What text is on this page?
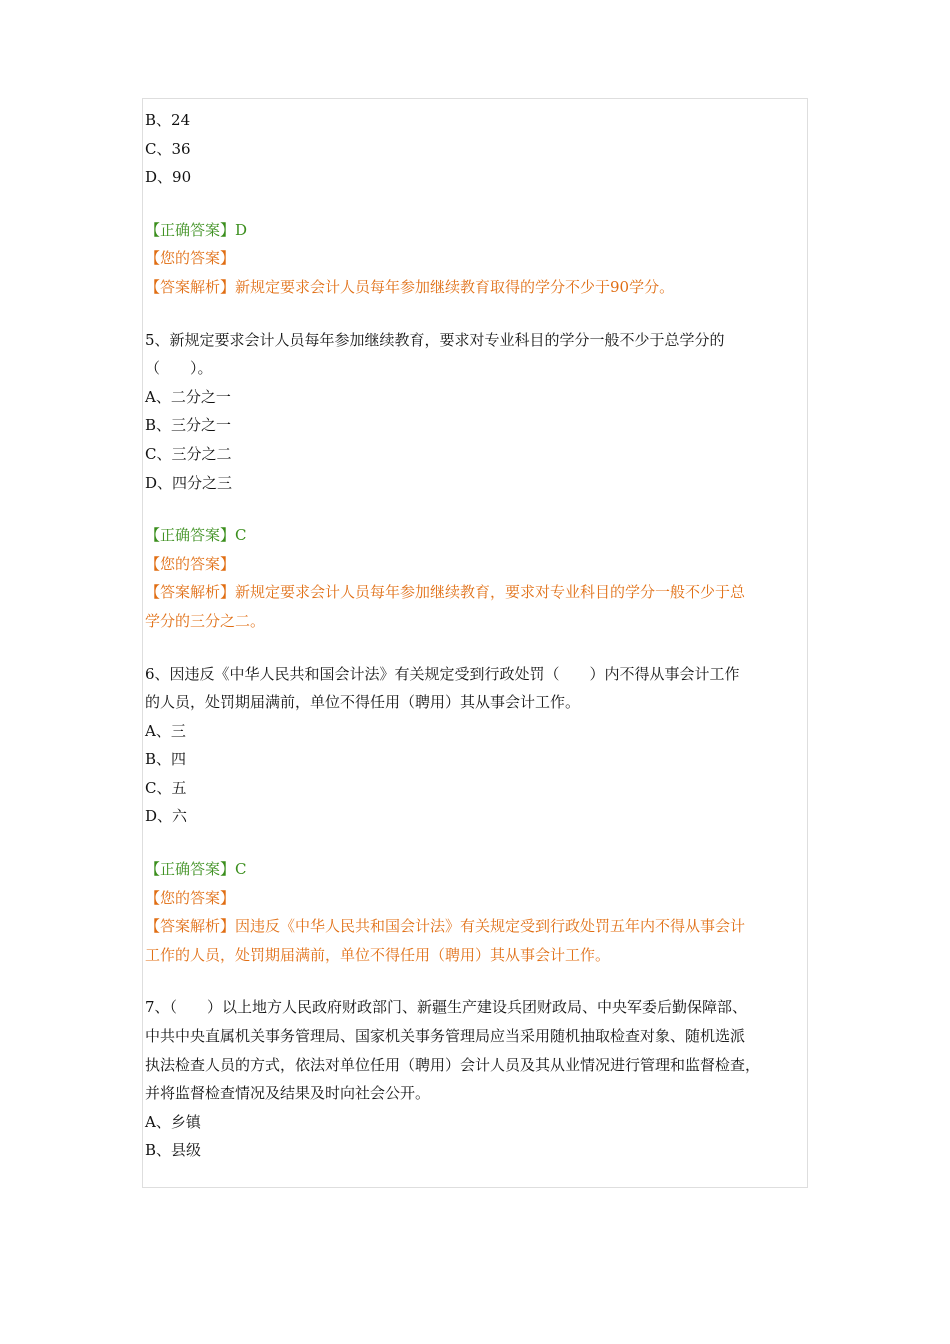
B、24
C、36
D、90
【正确答案】D
【您的答案】
【答案解析】新规定要求会计人员每年参加继续教育取得的学分不少于90学分。
5、新规定要求会计人员每年参加继续教育，要求对专业科目的学分一般不少于总学分的
（　　）。
A、二分之一
B、三分之一
C、三分之二
D、四分之三
【正确答案】C
【您的答案】
【答案解析】新规定要求会计人员每年参加继续教育，要求对专业科目的学分一般不少于总
学分的三分之二。
6、因违反《中华人民共和国会计法》有关规定受到行政处罚（　　）内不得从事会计工作
的人员，处罚期届满前，单位不得任用（聘用）其从事会计工作。
A、三
B、四
C、五
D、六
【正确答案】C
【您的答案】
【答案解析】因违反《中华人民共和国会计法》有关规定受到行政处罚五年内不得从事会计
工作的人员，处罚期届满前，单位不得任用（聘用）其从事会计工作。
7、（　　）以上地方人民政府财政部门、新疆生产建设兵团财政局、中央军委后勤保障部、
中共中央直属机关事务管理局、国家机关事务管理局应当采用随机抽取检查对象、随机选派
执法检查人员的方式，依法对单位任用（聘用）会计人员及其从业情况进行管理和监督检查，
并将监督检查情况及结果及时向社会公开。
A、乡镇
B、县级
